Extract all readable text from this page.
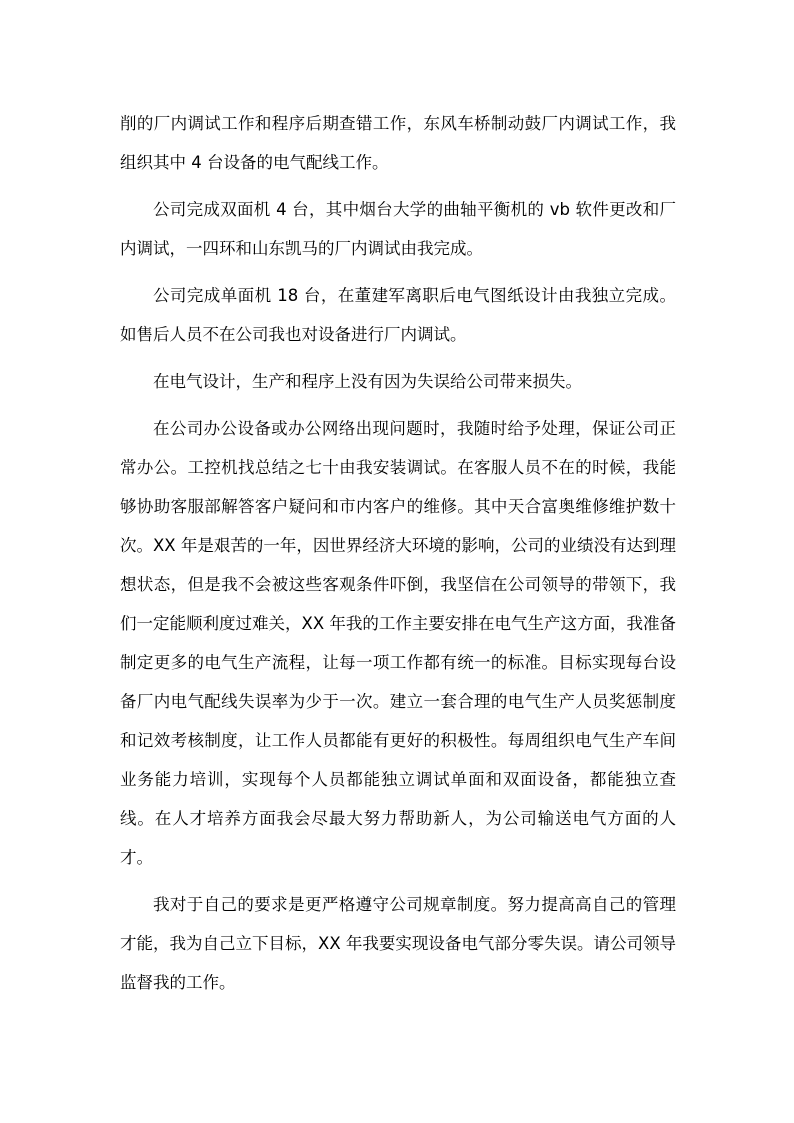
削的厂内调试工作和程序后期查错工作，东风车桥制动鼓厂内调试工作，我组织其中 4 台设备的电气配线工作。

公司完成双面机 4 台，其中烟台大学的曲轴平衡机的 vb 软件更改和厂内调试，一四环和山东凯马的厂内调试由我完成。

公司完成单面机 18 台，在董建军离职后电气图纸设计由我独立完成。如售后人员不在公司我也对设备进行厂内调试。

在电气设计，生产和程序上没有因为失误给公司带来损失。

在公司办公设备或办公网络出现问题时，我随时给予处理，保证公司正常办公。工控机找总结之七十由我安装调试。在客服人员不在的时候，我能够协助客服部解答客户疑问和市内客户的维修。其中天合富奥维修维护数十次。XX 年是艰苦的一年，因世界经济大环境的影响，公司的业绩没有达到理想状态，但是我不会被这些客观条件吓倒，我坚信在公司领导的带领下，我们一定能顺利度过难关，XX 年我的工作主要安排在电气生产这方面，我准备制定更多的电气生产流程，让每一项工作都有统一的标准。目标实现每台设备厂内电气配线失误率为少于一次。建立一套合理的电气生产人员奖惩制度和记效考核制度，让工作人员都能有更好的积极性。每周组织电气生产车间业务能力培训，实现每个人员都能独立调试单面和双面设备，都能独立查线。在人才培养方面我会尽最大努力帮助新人，为公司输送电气方面的人才。

我对于自己的要求是更严格遵守公司规章制度。努力提高高自己的管理才能，我为自己立下目标，XX 年我要实现设备电气部分零失误。请公司领导监督我的工作。
